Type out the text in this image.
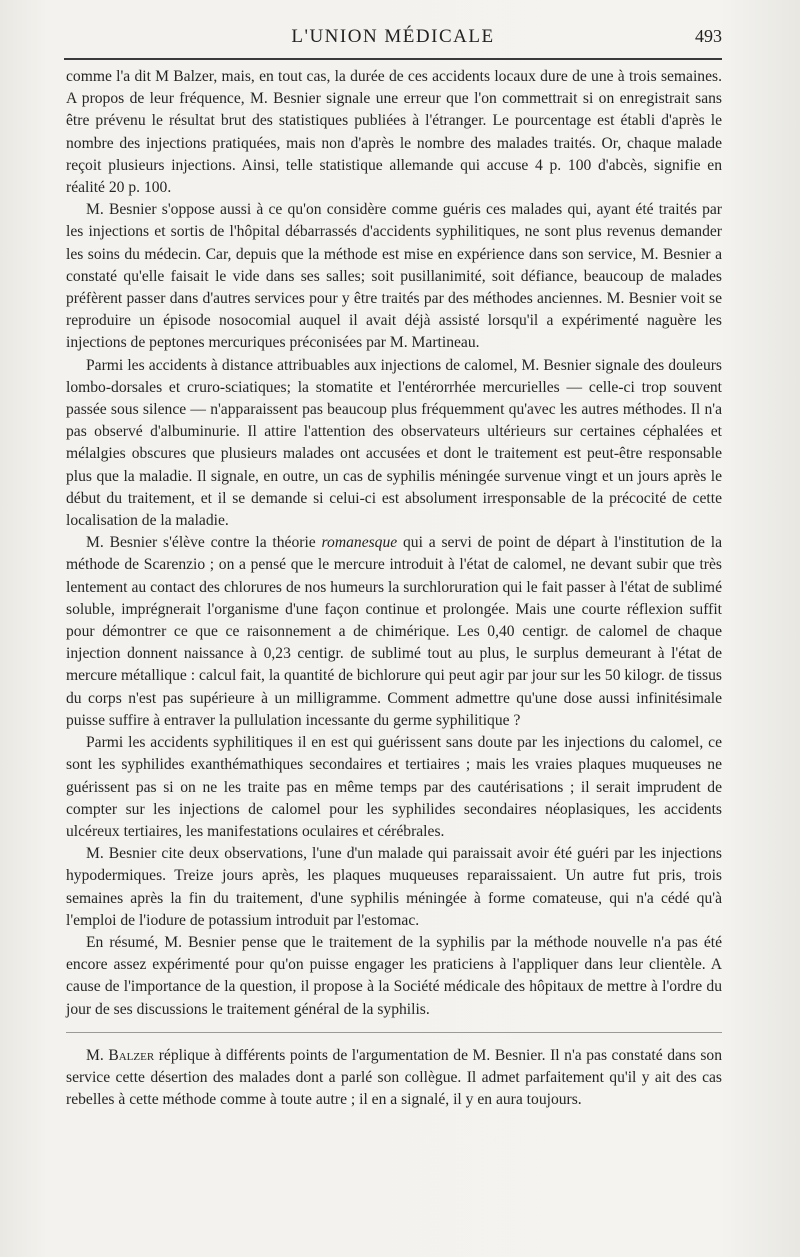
L'UNION MÉDICALE	493

comme l'a dit M Balzer, mais, en tout cas, la durée de ces accidents locaux dure de une à trois semaines. A propos de leur fréquence, M. Besnier signale une erreur que l'on commettrait si on enregistrait sans être prévenu le résultat brut des statistiques publiées à l'étranger. Le pourcentage est établi d'après le nombre des injections pratiquées, mais non d'après le nombre des malades traités. Or, chaque malade reçoit plusieurs injections. Ainsi, telle statistique allemande qui accuse 4 p. 100 d'abcès, signifie en réalité 20 p. 100.

M. Besnier s'oppose aussi à ce qu'on considère comme guéris ces malades qui, ayant été traités par les injections et sortis de l'hôpital débarrassés d'accidents syphilitiques, ne sont plus revenus demander les soins du médecin. Car, depuis que la méthode est mise en expérience dans son service, M. Besnier a constaté qu'elle faisait le vide dans ses salles; soit pusillanimité, soit défiance, beaucoup de malades préfèrent passer dans d'autres services pour y être traités par des méthodes anciennes. M. Besnier voit se reproduire un épisode nosocomial auquel il avait déjà assisté lorsqu'il a expérimenté naguère les injections de peptones mercuriques préconisées par M. Martineau.

Parmi les accidents à distance attribuables aux injections de calomel, M. Besnier signale des douleurs lombo-dorsales et cruro-sciatiques; la stomatite et l'entérorrhée mercurielles — celle-ci trop souvent passée sous silence — n'apparaissent pas beaucoup plus fréquemment qu'avec les autres méthodes. Il n'a pas observé d'albuminurie. Il attire l'attention des observateurs ultérieurs sur certaines céphalées et mélalgies obscures que plusieurs malades ont accusées et dont le traitement est peut-être responsable plus que la maladie. Il signale, en outre, un cas de syphilis méningée survenue vingt et un jours après le début du traitement, et il se demande si celui-ci est absolument irresponsable de la précocité de cette localisation de la maladie.

M. Besnier s'élève contre la théorie romanesque qui a servi de point de départ à l'institution de la méthode de Scarenzio ; on a pensé que le mercure introduit à l'état de calomel, ne devant subir que très lentement au contact des chlorures de nos humeurs la surchloruration qui le fait passer à l'état de sublimé soluble, imprégnerait l'organisme d'une façon continue et prolongée. Mais une courte réflexion suffit pour démontrer ce que ce raisonnement a de chimérique. Les 0,40 centigr. de calomel de chaque injection donnent naissance à 0,23 centigr. de sublimé tout au plus, le surplus demeurant à l'état de mercure métallique : calcul fait, la quantité de bichlorure qui peut agir par jour sur les 50 kilogr. de tissus du corps n'est pas supérieure à un milligramme. Comment admettre qu'une dose aussi infinitésimale puisse suffire à entraver la pullulation incessante du germe syphilitique ?

Parmi les accidents syphilitiques il en est qui guérissent sans doute par les injections du calomel, ce sont les syphilides exanthémathiques secondaires et tertiaires ; mais les vraies plaques muqueuses ne guérissent pas si on ne les traite pas en même temps par des cautérisations ; il serait imprudent de compter sur les injections de calomel pour les syphilides secondaires néoplasiques, les accidents ulcéreux tertiaires, les manifestations oculaires et cérébrales.

M. Besnier cite deux observations, l'une d'un malade qui paraissait avoir été guéri par les injections hypodermiques. Treize jours après, les plaques muqueuses reparaissaient. Un autre fut pris, trois semaines après la fin du traitement, d'une syphilis méningée à forme comateuse, qui n'a cédé qu'à l'emploi de l'iodure de potassium introduit par l'estomac.

En résumé, M. Besnier pense que le traitement de la syphilis par la méthode nouvelle n'a pas été encore assez expérimenté pour qu'on puisse engager les praticiens à l'appliquer dans leur clientèle. A cause de l'importance de la question, il propose à la Société médicale des hôpitaux de mettre à l'ordre du jour de ses discussions le traitement général de la syphilis.

M. Balzer réplique à différents points de l'argumentation de M. Besnier. Il n'a pas constaté dans son service cette désertion des malades dont a parlé son collègue. Il admet parfaitement qu'il y ait des cas rebelles à cette méthode comme à toute autre ; il en a signalé, il y en aura toujours.
